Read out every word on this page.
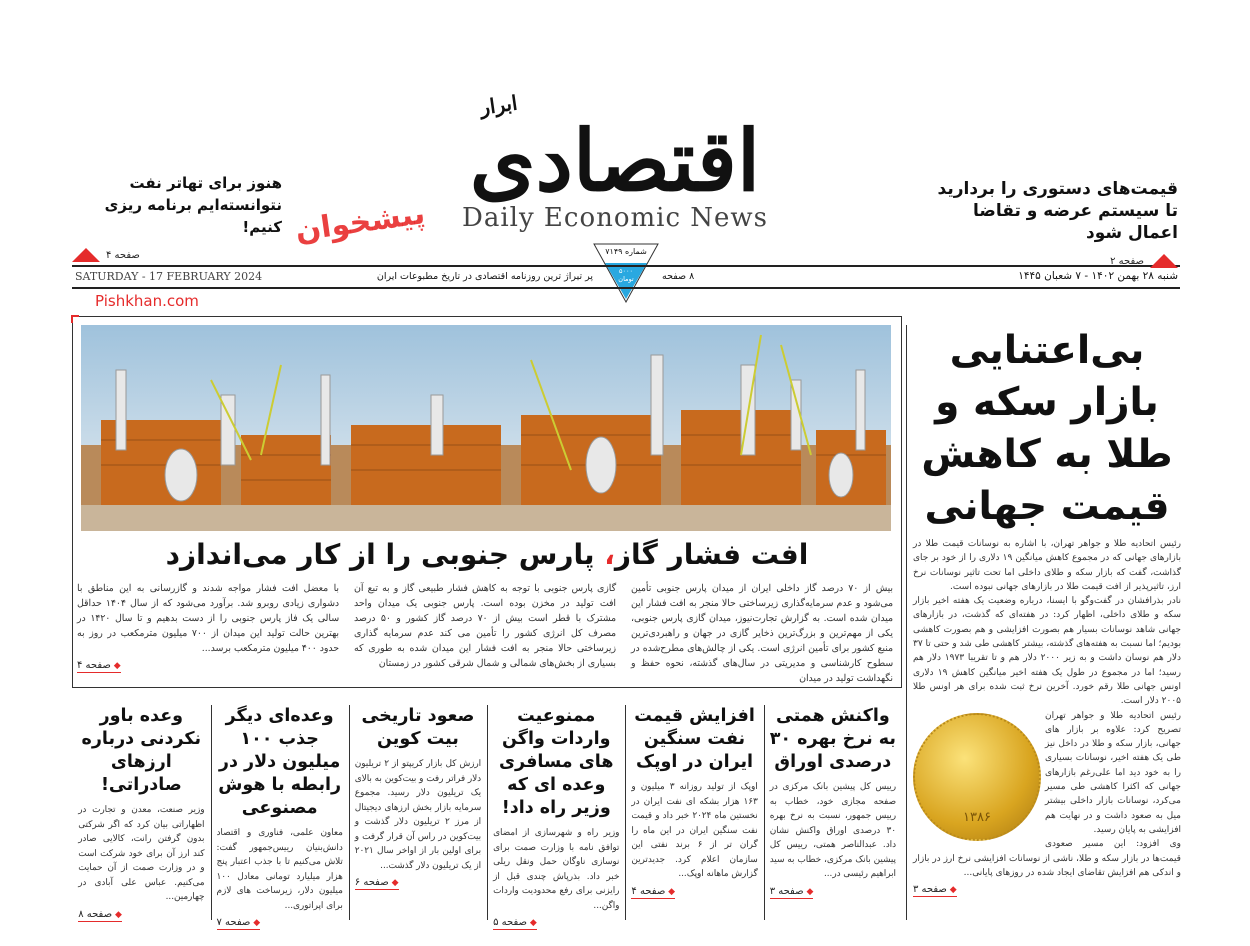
ابرار
اقتصادی
Daily Economic News
شماره ۷۱۴۹
۵۰۰۰ تومان	شنبه ۲۸ بهمن ۱۴۰۲ - ۷ شعبان ۱۴۴۵
۸ صفحه
پر تیراژ ترین روزنامه اقتصادی در تاریخ مطبوعات ایران
SATURDAY - 17 FEBRUARY 2024
قیمت‌های دستوری را بردارید
تا سیستم عرضه و تقاضا اعمال شود
صفحه ۲
هنوز برای تهاتر نفت
نتوانسته‌ایم برنامه ریزی کنیم!
صفحه ۴
پیشخوان
Pishkhan.com
افت فشار گاز، پارس جنوبی را از کار می‌اندازد
بیش از ۷۰ درصد گاز داخلی ایران از میدان پارس جنوبی تأمین می‌شود و عدم سرمایه‌گذاری زیرساختی حالا منجر به افت فشار این میدان شده است. به گزارش تجارت‌نیوز، میدان گازی پارس جنوبی، یکی از مهم‌ترین و بزرگ‌ترین ذخایر گازی در جهان و راهبردی‌ترین منبع کشور برای تأمین انرژی است. یکی از چالش‌های مطرح‌شده در سطوح کارشناسی و مدیریتی در سال‌های گذشته، نحوه حفظ و نگهداشت تولید در میدان
گازی پارس جنوبی با توجه به کاهش فشار طبیعی گاز و به تبع آن افت تولید در مخزن بوده است. پارس جنوبی یک میدان واحد مشترک با قطر است بیش از ۷۰ درصد گاز کشور و ۵۰ درصد مصرف کل انرژی کشور را تأمین می کند عدم سرمایه گذاری زیرساختی حالا منجر به افت فشار این میدان شده به طوری که بسیاری از بخش‌های شمالی و شمال شرقی کشور در زمستان
با معضل افت فشار مواجه شدند و گازرسانی به این مناطق با دشواری زیادی روبرو شد. برآورد می‌شود که از سال ۱۴۰۴ حداقل سالی یک فاز پارس جنوبی را از دست بدهیم و تا سال ۱۴۲۰ در بهترین حالت تولید این میدان از ۷۰۰ میلیون مترمکعب در روز به حدود ۴۰۰ میلیون مترمکعب برسد...
◆ صفحه ۴
بی‌اعتنایی
بازار سکه و
طلا به کاهش
قیمت جهانی

رئیس اتحادیه طلا و جواهر تهران، با اشاره به نوسانات قیمت طلا در بازارهای جهانی که در مجموع کاهش میانگین ۱۹ دلاری را از خود بر جای گذاشت، گفت که بازار سکه و طلای داخلی اما تحت تاثیر نوسانات نرخ ارز، تاثیرپذیر از افت قیمت طلا در بازارهای جهانی نبوده است.

نادر بذرافشان در گفت‌وگو با ایسنا، درباره وضعیت یک هفته اخیر بازار سکه و طلای داخلی، اظهار کرد: در هفته‌ای که گذشت، در بازارهای جهانی شاهد نوسانات بسیار هم بصورت افزایشی و هم بصورت کاهشی بودیم؛ اما نسبت به هفته‌های گذشته، بیشتر کاهشی طی شد و حتی تا ۳۷ دلار هم نوسان داشت و به زیر ۲۰۰۰ دلار هم و تا تقریبا ۱۹۷۳ دلار هم رسید؛ اما در مجموع در طول یک هفته اخیر میانگین کاهش ۱۹ دلاری اونس جهانی طلا رقم خورد. آخرین نرخ ثبت شده برای هر اونس طلا ۲۰۰۵ دلار است.

۱۳۸۶

رئیس اتحادیه طلا و جواهر تهران تصریح کرد: علاوه بر بازار های جهانی، بازار سکه و طلا در داخل نیز طی یک هفته اخیر، نوسانات بسیاری را به خود دید اما علی‌رغم بازارهای جهانی که اکثرا کاهشی طی مسیر می‌کرد، نوسانات بازار داخلی بیشتر میل به صعود داشت و در نهایت هم افزایشی به پایان رسید.

وی افزود: این مسیر صعودی قیمت‌ها در بازار سکه و طلا، ناشی از نوسانات افزایشی نرخ ارز در بازار و اندکی هم افزایش تقاضای ایجاد شده در روزهای پایانی...

◆ صفحه ۳
واکنش همتی به نرخ بهره ۳۰ درصدی اوراق

رییس کل پیشین بانک مرکزی در صفحه مجازی خود، خطاب به رییس جمهور، نسبت به نرخ بهره ۳۰ درصدی اوراق واکنش نشان داد. عبدالناصر همتی، رییس کل پیشین بانک مرکزی، خطاب به سید ابراهیم رئیسی در...

◆ صفحه ۳
افزایش قیمت نفت سنگین ایران در اوپک

اوپک از تولید روزانه ۳ میلیون و ۱۶۳ هزار بشکه ای نفت ایران در نخستین ماه ۲۰۲۴ خبر داد و قیمت نفت سنگین ایران در این ماه را گران تر از ۶ برند نفتی این سازمان اعلام کرد. جدیدترین گزارش ماهانه اوپک...

◆ صفحه ۴
ممنوعیت واردات واگن های مسافری وعده ای که وزیر راه داد!

وزیر راه و شهرسازی از امضای توافق نامه با وزارت صمت برای نوسازی ناوگان حمل ونقل ریلی خبر داد. بذرپاش چندی قبل از رایزنی برای رفع محدودیت واردات واگن...

◆ صفحه ۵
صعود تاریخی بیت کوین

ارزش کل بازار کریپتو از ۲ تریلیون دلار فراتر رفت و بیت‌کوین به بالای یک تریلیون دلار رسید. مجموع سرمایه بازار بخش ارزهای دیجیتال از مرز ۲ تریلیون دلار گذشت و بیت‌کوین در راس آن قرار گرفت و برای اولین بار از اواخر سال ۲۰۲۱ از یک تریلیون دلار گذشت...

◆ صفحه ۶
وعده‌ای دیگر جذب ۱۰۰ میلیون دلار در رابطه با هوش مصنوعی

معاون علمی، فناوری و اقتصاد دانش‌بنیان رییس‌جمهور گفت: تلاش می‌کنیم تا با جذب اعتبار پنج هزار میلیارد تومانی معادل ۱۰۰ میلیون دلار، زیرساخت های لازم برای اپراتوری...

◆ صفحه ۷
وعده باور نکردنی درباره ارزهای صادراتی!

وزیر صنعت، معدن و تجارت در اظهاراتی بیان کرد که اگر شرکتی بدون گرفتن رانت، کالایی صادر کند ارز آن برای خود شرکت است و در وزارت صمت از آن حمایت می‌کنیم. عباس علی آبادی در چهارمین...

◆ صفحه ۸
